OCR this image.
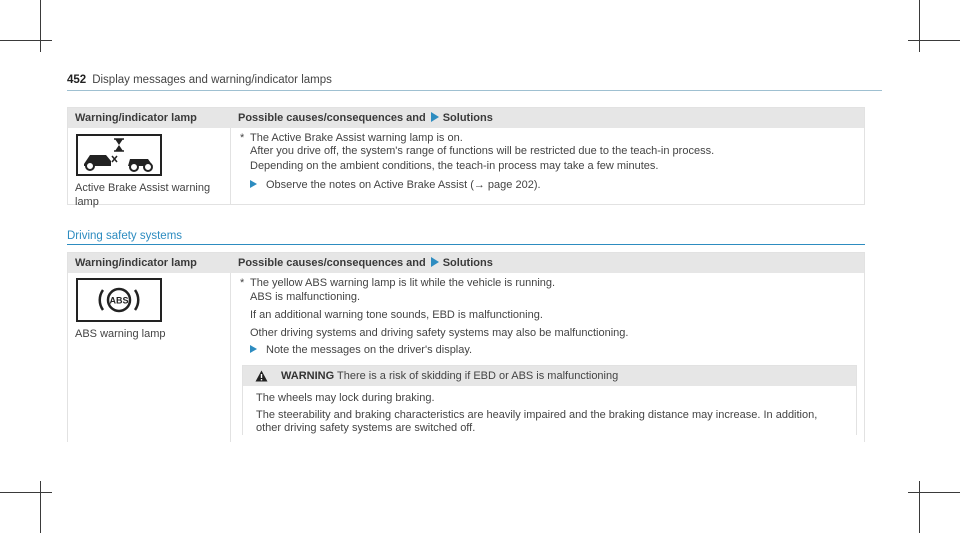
452 Display messages and warning/indicator lamps
Warning/indicator lamp	Possible causes/consequences and Solutions
Active Brake Assist warning lamp
* The Active Brake Assist warning lamp is on.
After you drive off, the system's range of functions will be restricted due to the teach-in process.
Depending on the ambient conditions, the teach-in process may take a few minutes.
Observe the notes on Active Brake Assist (→ page 202).
Driving safety systems
Warning/indicator lamp	Possible causes/consequences and Solutions
ABS
ABS warning lamp
* The yellow ABS warning lamp is lit while the vehicle is running.
ABS is malfunctioning.
If an additional warning tone sounds, EBD is malfunctioning.
Other driving systems and driving safety systems may also be malfunctioning.
Note the messages on the driver's display.
WARNING There is a risk of skidding if EBD or ABS is malfunctioning
The wheels may lock during braking.
The steerability and braking characteristics are heavily impaired and the braking distance may increase. In addition,
other driving safety systems are switched off.
